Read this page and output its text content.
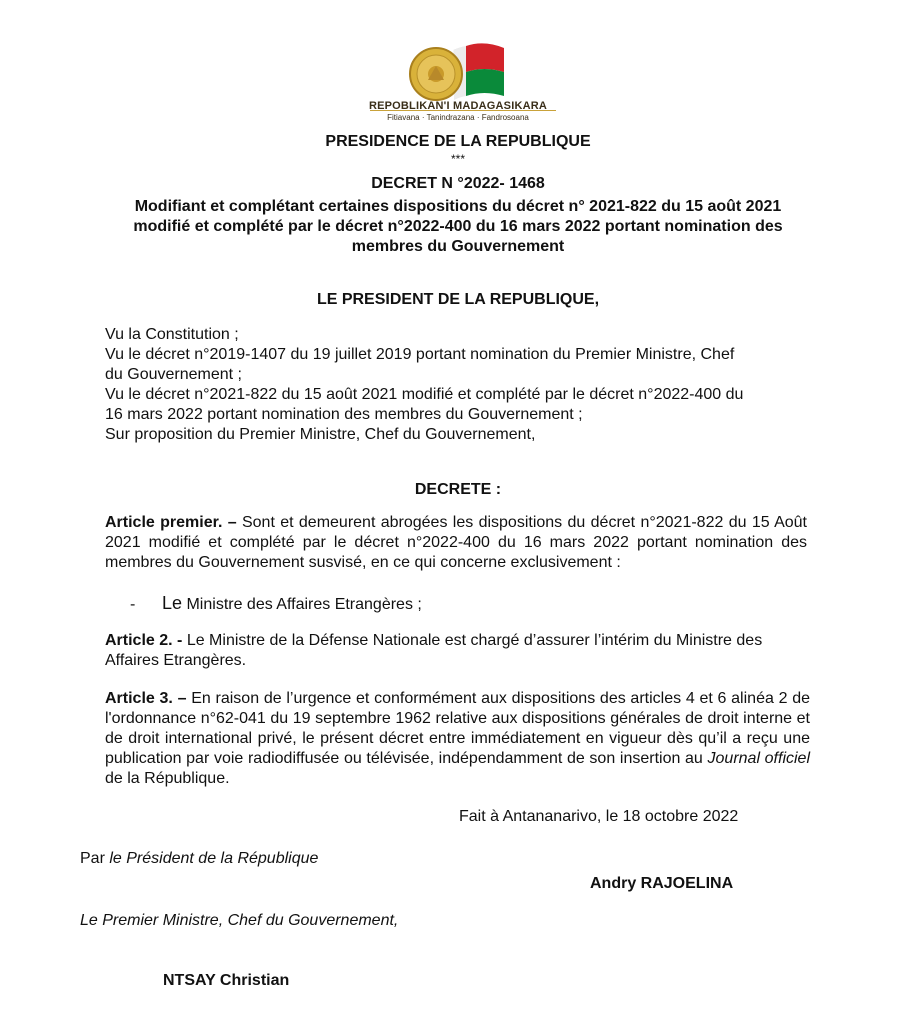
REPOBLIKAN'I MADAGASIKARA
Fitiavana · Tanindrazana · Fandrosoana
PRESIDENCE DE LA REPUBLIQUE
***
DECRET N °2022- 1468
Modifiant et complétant certaines dispositions du décret n° 2021-822 du 15 août 2021
modifié et complété par le décret n°2022-400 du 16 mars 2022 portant nomination des
membres du Gouvernement
LE PRESIDENT DE LA REPUBLIQUE,
Vu la Constitution ;
Vu le décret n°2019-1407 du 19 juillet 2019 portant nomination du Premier Ministre, Chef
du Gouvernement ;
Vu le décret n°2021-822 du 15 août 2021 modifié et complété par le décret n°2022-400 du
16 mars 2022 portant nomination des membres du Gouvernement ;
Sur proposition du Premier Ministre, Chef du Gouvernement,
DECRETE :
Article premier. – Sont et demeurent abrogées les dispositions du décret n°2021-822 du 15 Août 2021 modifié et complété par le décret n°2022-400 du 16 mars 2022 portant nomination des membres du Gouvernement susvisé, en ce qui concerne exclusivement :
- Le Ministre des Affaires Etrangères ;
Article 2. - Le Ministre de la Défense Nationale est chargé d’assurer l’intérim du Ministre des Affaires Etrangères.
Article 3. – En raison de l’urgence et conformément aux dispositions des articles 4 et 6 alinéa 2 de l'ordonnance n°62-041 du 19 septembre 1962 relative aux dispositions générales de droit interne et de droit international privé, le présent décret entre immédiatement en vigueur dès qu’il a reçu une publication par voie radiodiffusée ou télévisée, indépendamment de son insertion au Journal officiel de la République.
Fait à Antananarivo, le 18 octobre 2022
Par le Président de la République
Andry RAJOELINA
Le Premier Ministre, Chef du Gouvernement,
NTSAY Christian
